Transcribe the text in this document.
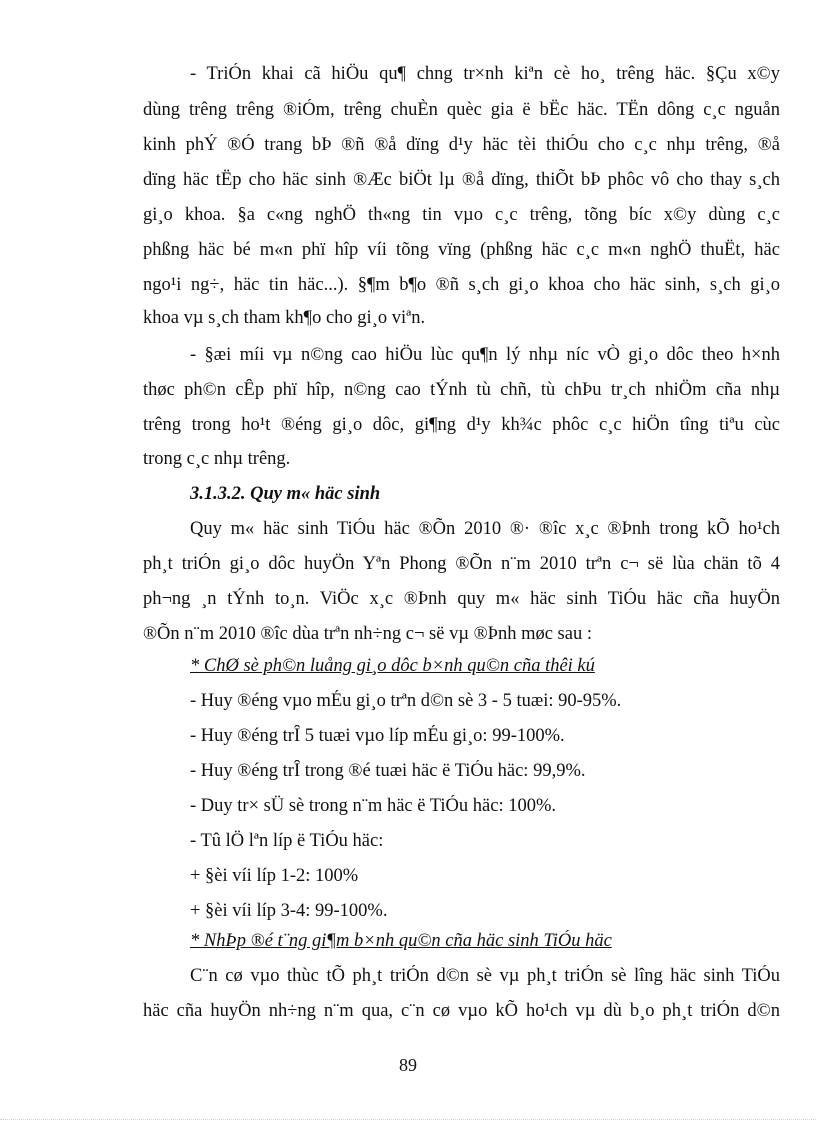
- TriÓn khai cã hiÖu qu¶ chng tr×nh kiªn cè ho¸ trêng häc. §Çu x©y
dùng trêng trêng ®iÓm, trêng chuÈn quèc gia ë bËc häc. TËn dông c¸c nguån
kinh phÝ ®Ó trang bÞ ®ñ ®å dïng d¹y häc tèi thiÓu cho c¸c nhµ trêng, ®å
dïng häc tËp cho häc sinh ®Æc biÖt lµ ®å dïng, thiÕt bÞ phôc vô cho thay s¸ch
gi¸o khoa. §a c«ng nghÖ th«ng tin vµo c¸c trêng, tõng bíc x©y dùng c¸c
phßng häc bé m«n phï hîp víi tõng vïng (phßng häc c¸c m«n nghÖ thuËt, häc
ngo¹i ng÷, häc tin häc...). §¶m b¶o ®ñ s¸ch gi¸o khoa cho häc sinh, s¸ch gi¸o
khoa vµ s¸ch tham kh¶o cho gi¸o viªn.
- §æi míi vµ n©ng cao hiÖu lùc qu¶n lý nhµ níc vÒ gi¸o dôc theo h×nh
thøc ph©n cÊp phï hîp, n©ng cao tÝnh tù chñ, tù chÞu tr¸ch nhiÖm cña nhµ
trêng trong ho¹t ®éng gi¸o dôc, gi¶ng d¹y kh¾c phôc c¸c hiÖn tîng tiªu cùc
trong c¸c nhµ trêng.
3.1.3.2. Quy m« häc sinh
Quy m« häc sinh TiÓu häc ®Õn 2010 ®· ®îc x¸c ®Þnh trong kÕ ho¹ch
ph¸t triÓn gi¸o dôc huyÖn Yªn Phong ®Õn n¨m 2010 trªn c¬ së lùa chän tõ 4
ph¬ng ¸n tÝnh to¸n. ViÖc x¸c ®Þnh quy m« häc sinh TiÓu häc cña huyÖn
®Õn n¨m 2010 ®îc dùa trªn nh÷ng c¬ së vµ ®Þnh møc sau :
* ChØ sè ph©n luång gi¸o dôc b×nh qu©n cña thêi kú
- Huy ®éng vµo mÉu gi¸o trªn d©n sè 3 - 5 tuæi: 90-95%.
- Huy ®éng trÎ 5 tuæi vµo líp mÉu gi¸o: 99-100%.
- Huy ®éng trÎ trong ®é tuæi häc ë TiÓu häc: 99,9%.
- Duy tr× sÜ sè trong n¨m häc ë TiÓu häc: 100%.
- Tû lÖ lªn líp ë TiÓu häc:
+ §èi víi líp 1-2: 100%
+ §èi víi líp 3-4: 99-100%.
* NhÞp ®é t¨ng gi¶m b×nh qu©n cña häc sinh TiÓu häc
C¨n cø vµo thùc tÕ ph¸t triÓn d©n sè vµ ph¸t triÓn sè lîng häc sinh TiÓu
häc cña huyÖn nh÷ng n¨m qua, c¨n cø vµo kÕ ho¹ch vµ dù b¸o ph¸t triÓn d©n
89
